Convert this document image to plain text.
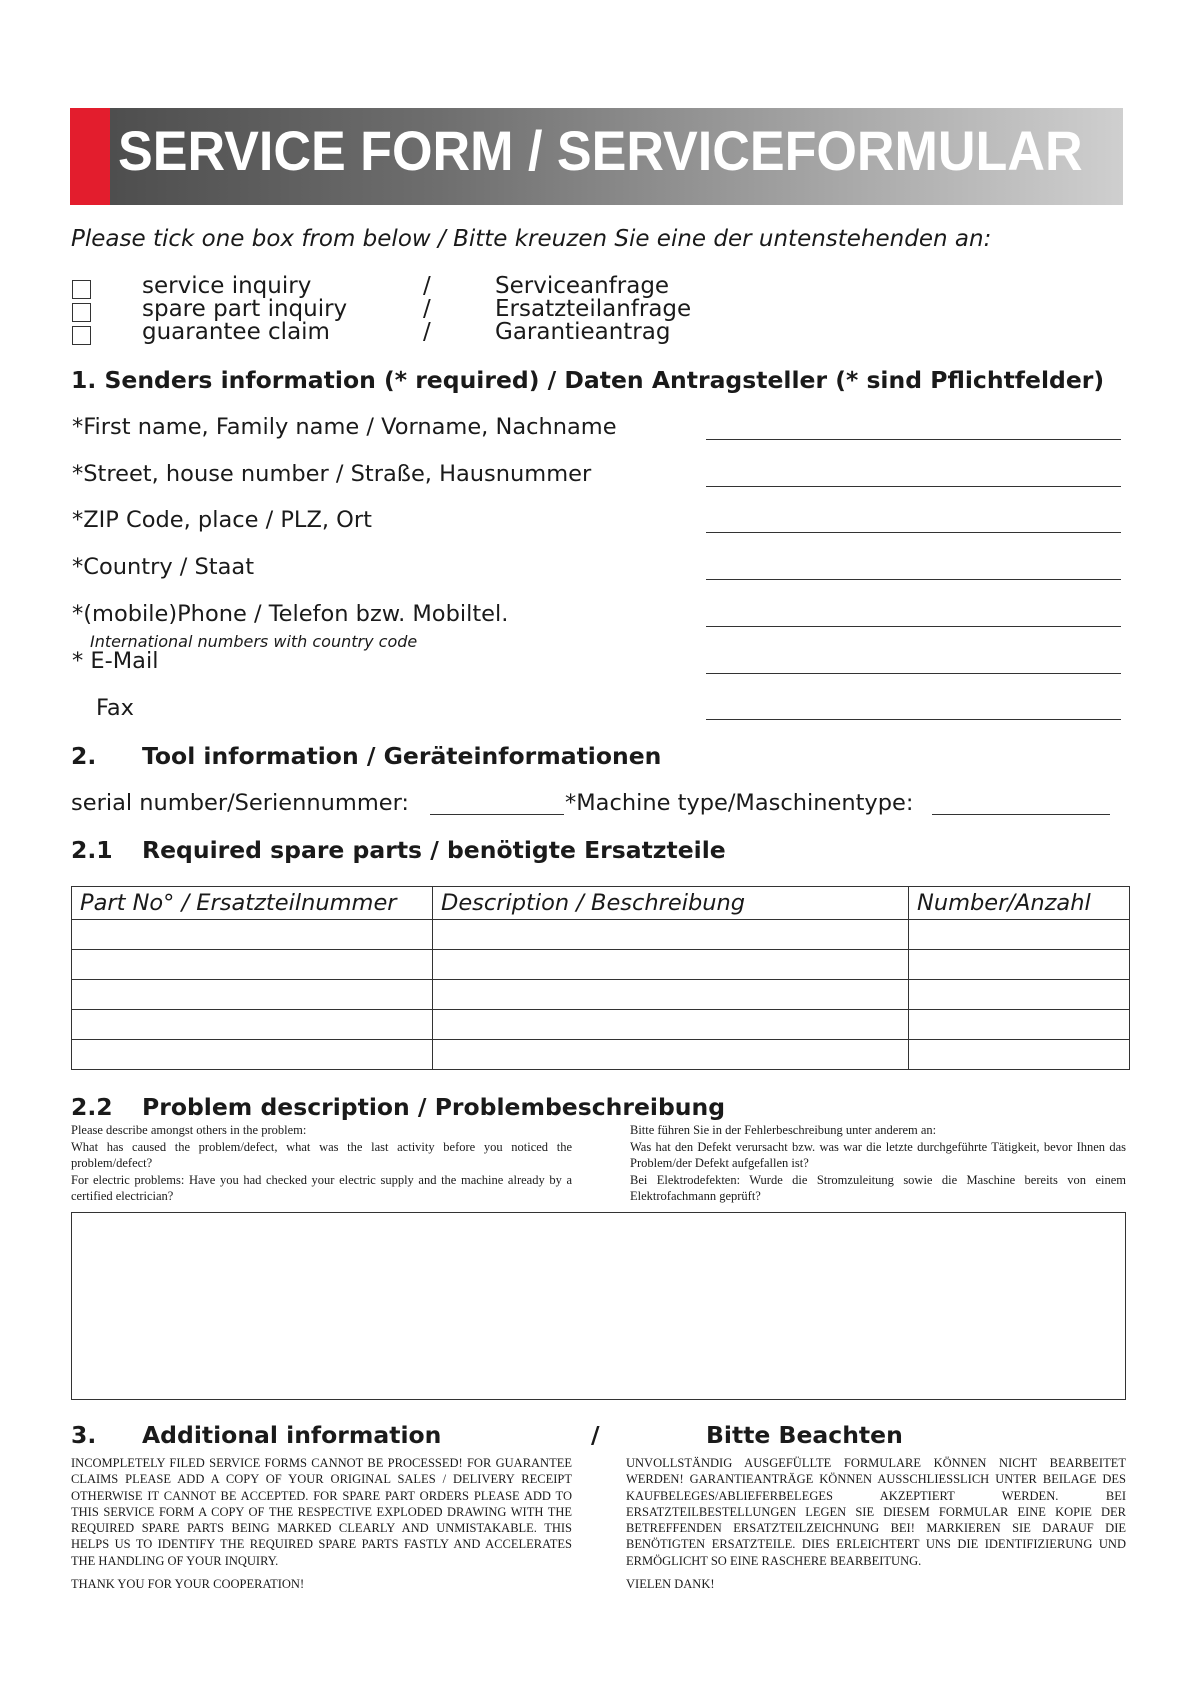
SERVICE FORM / SERVICEFORMULAR
Please tick one box from below / Bitte kreuzen Sie eine der untenstehenden an:
service inquiry	/	Serviceanfrage
spare part inquiry	/	Ersatzteilanfrage
guarantee claim	/	Garantieantrag
1. Senders information (* required) / Daten Antragsteller (* sind Pflichtfelder)
*First name, Family name / Vorname, Nachname
*Street, house number / Straße, Hausnummer
*ZIP Code, place / PLZ, Ort
*Country / Staat
*(mobile)Phone / Telefon bzw. Mobiltel.
International numbers with country code
* E-Mail
Fax
2. Tool information / Geräteinformationen
serial number/Seriennummer:	*Machine type/Maschinentype:
2.1 Required spare parts / benötigte Ersatzteile
Part No° / Ersatzteilnummer	Description / Beschreibung	Number/Anzahl

2.2 Problem description / Problembeschreibung

Please describe amongst others in the problem:

What has caused the problem/defect, what was the last activity before you noticed the problem/defect?

For electric problems: Have you had checked your electric supply and the machine already by a certified electrician?

Bitte führen Sie in der Fehlerbeschreibung unter anderem an:

Was hat den Defekt verursacht bzw. was war die letzte durchgeführte Tätigkeit, bevor Ihnen das Problem/der Defekt aufgefallen ist?

Bei Elektrodefekten: Wurde die Stromzuleitung sowie die Maschine bereits von einem Elektrofachmann geprüft?

3. Additional information	/	Bitte Beachten

INCOMPLETELY FILED SERVICE FORMS CANNOT BE PROCESSED! FOR GUARANTEE CLAIMS PLEASE ADD A COPY OF YOUR ORIGINAL SALES / DELIVERY RECEIPT OTHERWISE IT CANNOT BE ACCEPTED. FOR SPARE PART ORDERS PLEASE ADD TO THIS SERVICE FORM A COPY OF THE RESPECTIVE EXPLODED DRAWING WITH THE REQUIRED SPARE PARTS BEING MARKED CLEARLY AND UNMISTAKABLE. THIS HELPS US TO IDENTIFY THE REQUIRED SPARE PARTS FASTLY AND ACCELERATES THE HANDLING OF YOUR INQUIRY.

THANK YOU FOR YOUR COOPERATION!

UNVOLLSTÄNDIG AUSGEFÜLLTE FORMULARE KÖNNEN NICHT BEARBEITET WERDEN! GARANTIEANTRÄGE KÖNNEN AUSSCHLIESSLICH UNTER BEILAGE DES KAUFBELEGES/ABLIEFERBELEGES AKZEPTIERT WERDEN. BEI ERSATZTEILBESTELLUNGEN LEGEN SIE DIESEM FORMULAR EINE KOPIE DER BETREFFENDEN ERSATZTEILZEICHNUNG BEI! MARKIEREN SIE DARAUF DIE BENÖTIGTEN ERSATZTEILE. DIES ERLEICHTERT UNS DIE IDENTIFIZIERUNG UND ERMÖGLICHT SO EINE RASCHERE BEARBEITUNG.

VIELEN DANK!
